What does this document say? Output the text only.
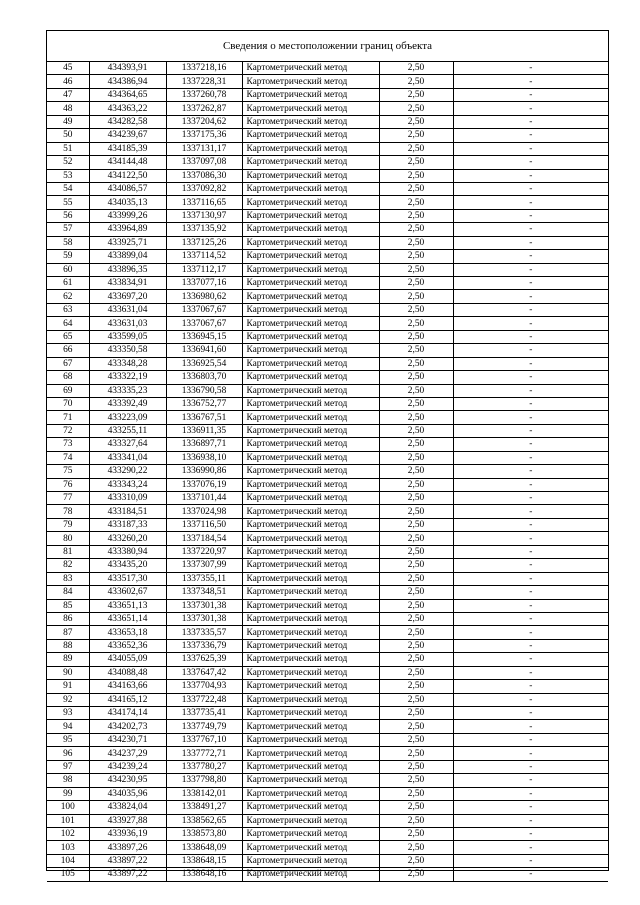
Сведения о местоположении границ объекта
45	434393,91	1337218,16	Картометрический метод	2,50	-
46	434386,94	1337228,31	Картометрический метод	2,50	-
47	434364,65	1337260,78	Картометрический метод	2,50	-
48	434363,22	1337262,87	Картометрический метод	2,50	-
49	434282,58	1337204,62	Картометрический метод	2,50	-
50	434239,67	1337175,36	Картометрический метод	2,50	-
51	434185,39	1337131,17	Картометрический метод	2,50	-
52	434144,48	1337097,08	Картометрический метод	2,50	-
53	434122,50	1337086,30	Картометрический метод	2,50	-
54	434086,57	1337092,82	Картометрический метод	2,50	-
55	434035,13	1337116,65	Картометрический метод	2,50	-
56	433999,26	1337130,97	Картометрический метод	2,50	-
57	433964,89	1337135,92	Картометрический метод	2,50	-
58	433925,71	1337125,26	Картометрический метод	2,50	-
59	433899,04	1337114,52	Картометрический метод	2,50	-
60	433896,35	1337112,17	Картометрический метод	2,50	-
61	433834,91	1337077,16	Картометрический метод	2,50	-
62	433697,20	1336980,62	Картометрический метод	2,50	-
63	433631,04	1337067,67	Картометрический метод	2,50	-
64	433631,03	1337067,67	Картометрический метод	2,50	-
65	433599,05	1336945,15	Картометрический метод	2,50	-
66	433350,58	1336941,60	Картометрический метод	2,50	-
67	433348,28	1336925,54	Картометрический метод	2,50	-
68	433322,19	1336803,70	Картометрический метод	2,50	-
69	433335,23	1336790,58	Картометрический метод	2,50	-
70	433392,49	1336752,77	Картометрический метод	2,50	-
71	433223,09	1336767,51	Картометрический метод	2,50	-
72	433255,11	1336911,35	Картометрический метод	2,50	-
73	433327,64	1336897,71	Картометрический метод	2,50	-
74	433341,04	1336938,10	Картометрический метод	2,50	-
75	433290,22	1336990,86	Картометрический метод	2,50	-
76	433343,24	1337076,19	Картометрический метод	2,50	-
77	433310,09	1337101,44	Картометрический метод	2,50	-
78	433184,51	1337024,98	Картометрический метод	2,50	-
79	433187,33	1337116,50	Картометрический метод	2,50	-
80	433260,20	1337184,54	Картометрический метод	2,50	-
81	433380,94	1337220,97	Картометрический метод	2,50	-
82	433435,20	1337307,99	Картометрический метод	2,50	-
83	433517,30	1337355,11	Картометрический метод	2,50	-
84	433602,67	1337348,51	Картометрический метод	2,50	-
85	433651,13	1337301,38	Картометрический метод	2,50	-
86	433651,14	1337301,38	Картометрический метод	2,50	-
87	433653,18	1337335,57	Картометрический метод	2,50	-
88	433652,36	1337336,79	Картометрический метод	2,50	-
89	434055,09	1337625,39	Картометрический метод	2,50	-
90	434088,48	1337647,42	Картометрический метод	2,50	-
91	434163,66	1337704,93	Картометрический метод	2,50	-
92	434165,12	1337722,48	Картометрический метод	2,50	-
93	434174,14	1337735,41	Картометрический метод	2,50	-
94	434202,73	1337749,79	Картометрический метод	2,50	-
95	434230,71	1337767,10	Картометрический метод	2,50	-
96	434237,29	1337772,71	Картометрический метод	2,50	-
97	434239,24	1337780,27	Картометрический метод	2,50	-
98	434230,95	1337798,80	Картометрический метод	2,50	-
99	434035,96	1338142,01	Картометрический метод	2,50	-
100	433824,04	1338491,27	Картометрический метод	2,50	-
101	433927,88	1338562,65	Картометрический метод	2,50	-
102	433936,19	1338573,80	Картометрический метод	2,50	-
103	433897,26	1338648,09	Картометрический метод	2,50	-
104	433897,22	1338648,15	Картометрический метод	2,50	-
105	433897,22	1338648,16	Картометрический метод	2,50	-
